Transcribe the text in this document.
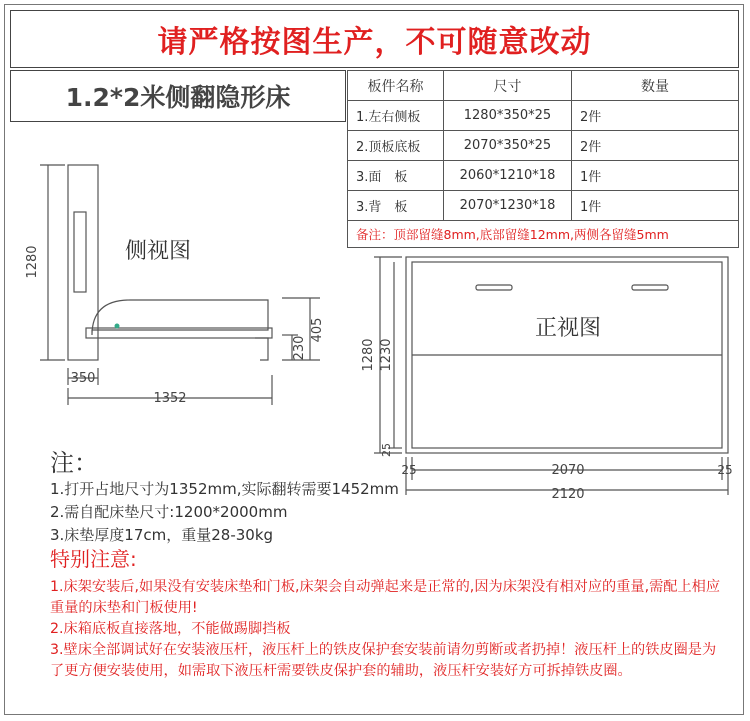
请严格按图生产，不可随意改动
1.2*2米侧翻隐形床	板件名称	尺寸	数量
1.左右侧板	1280*350*25	2件
2.顶板底板	2070*350*25	2件
3.面　板	2060*1210*18	1件
3.背　板	2070*1230*18	1件
备注：顶部留缝8mm,底部留缝12mm,两侧各留缝5mm		
侧视图
1280
350
1352
405
230
正视图
1280 1230
25
25	2070	25
2120
注：
1.打开占地尺寸为1352mm,实际翻转需要1452mm
2.需自配床垫尺寸:1200*2000mm
3.床垫厚度17cm，重量28-30kg
特别注意:
1.床架安装后,如果没有安装床垫和门板,床架会自动弹起来是正常的,因为床架没有相对应的重量,需配上相应重量的床垫和门板使用!
2.床箱底板直接落地，不能做踢脚挡板
3.壁床全部调试好在安装液压杆，液压杆上的铁皮保护套安装前请勿剪断或者扔掉！液压杆上的铁皮圈是为了更方便安装使用，如需取下液压杆需要铁皮保护套的辅助，液压杆安装好方可拆掉铁皮圈。
